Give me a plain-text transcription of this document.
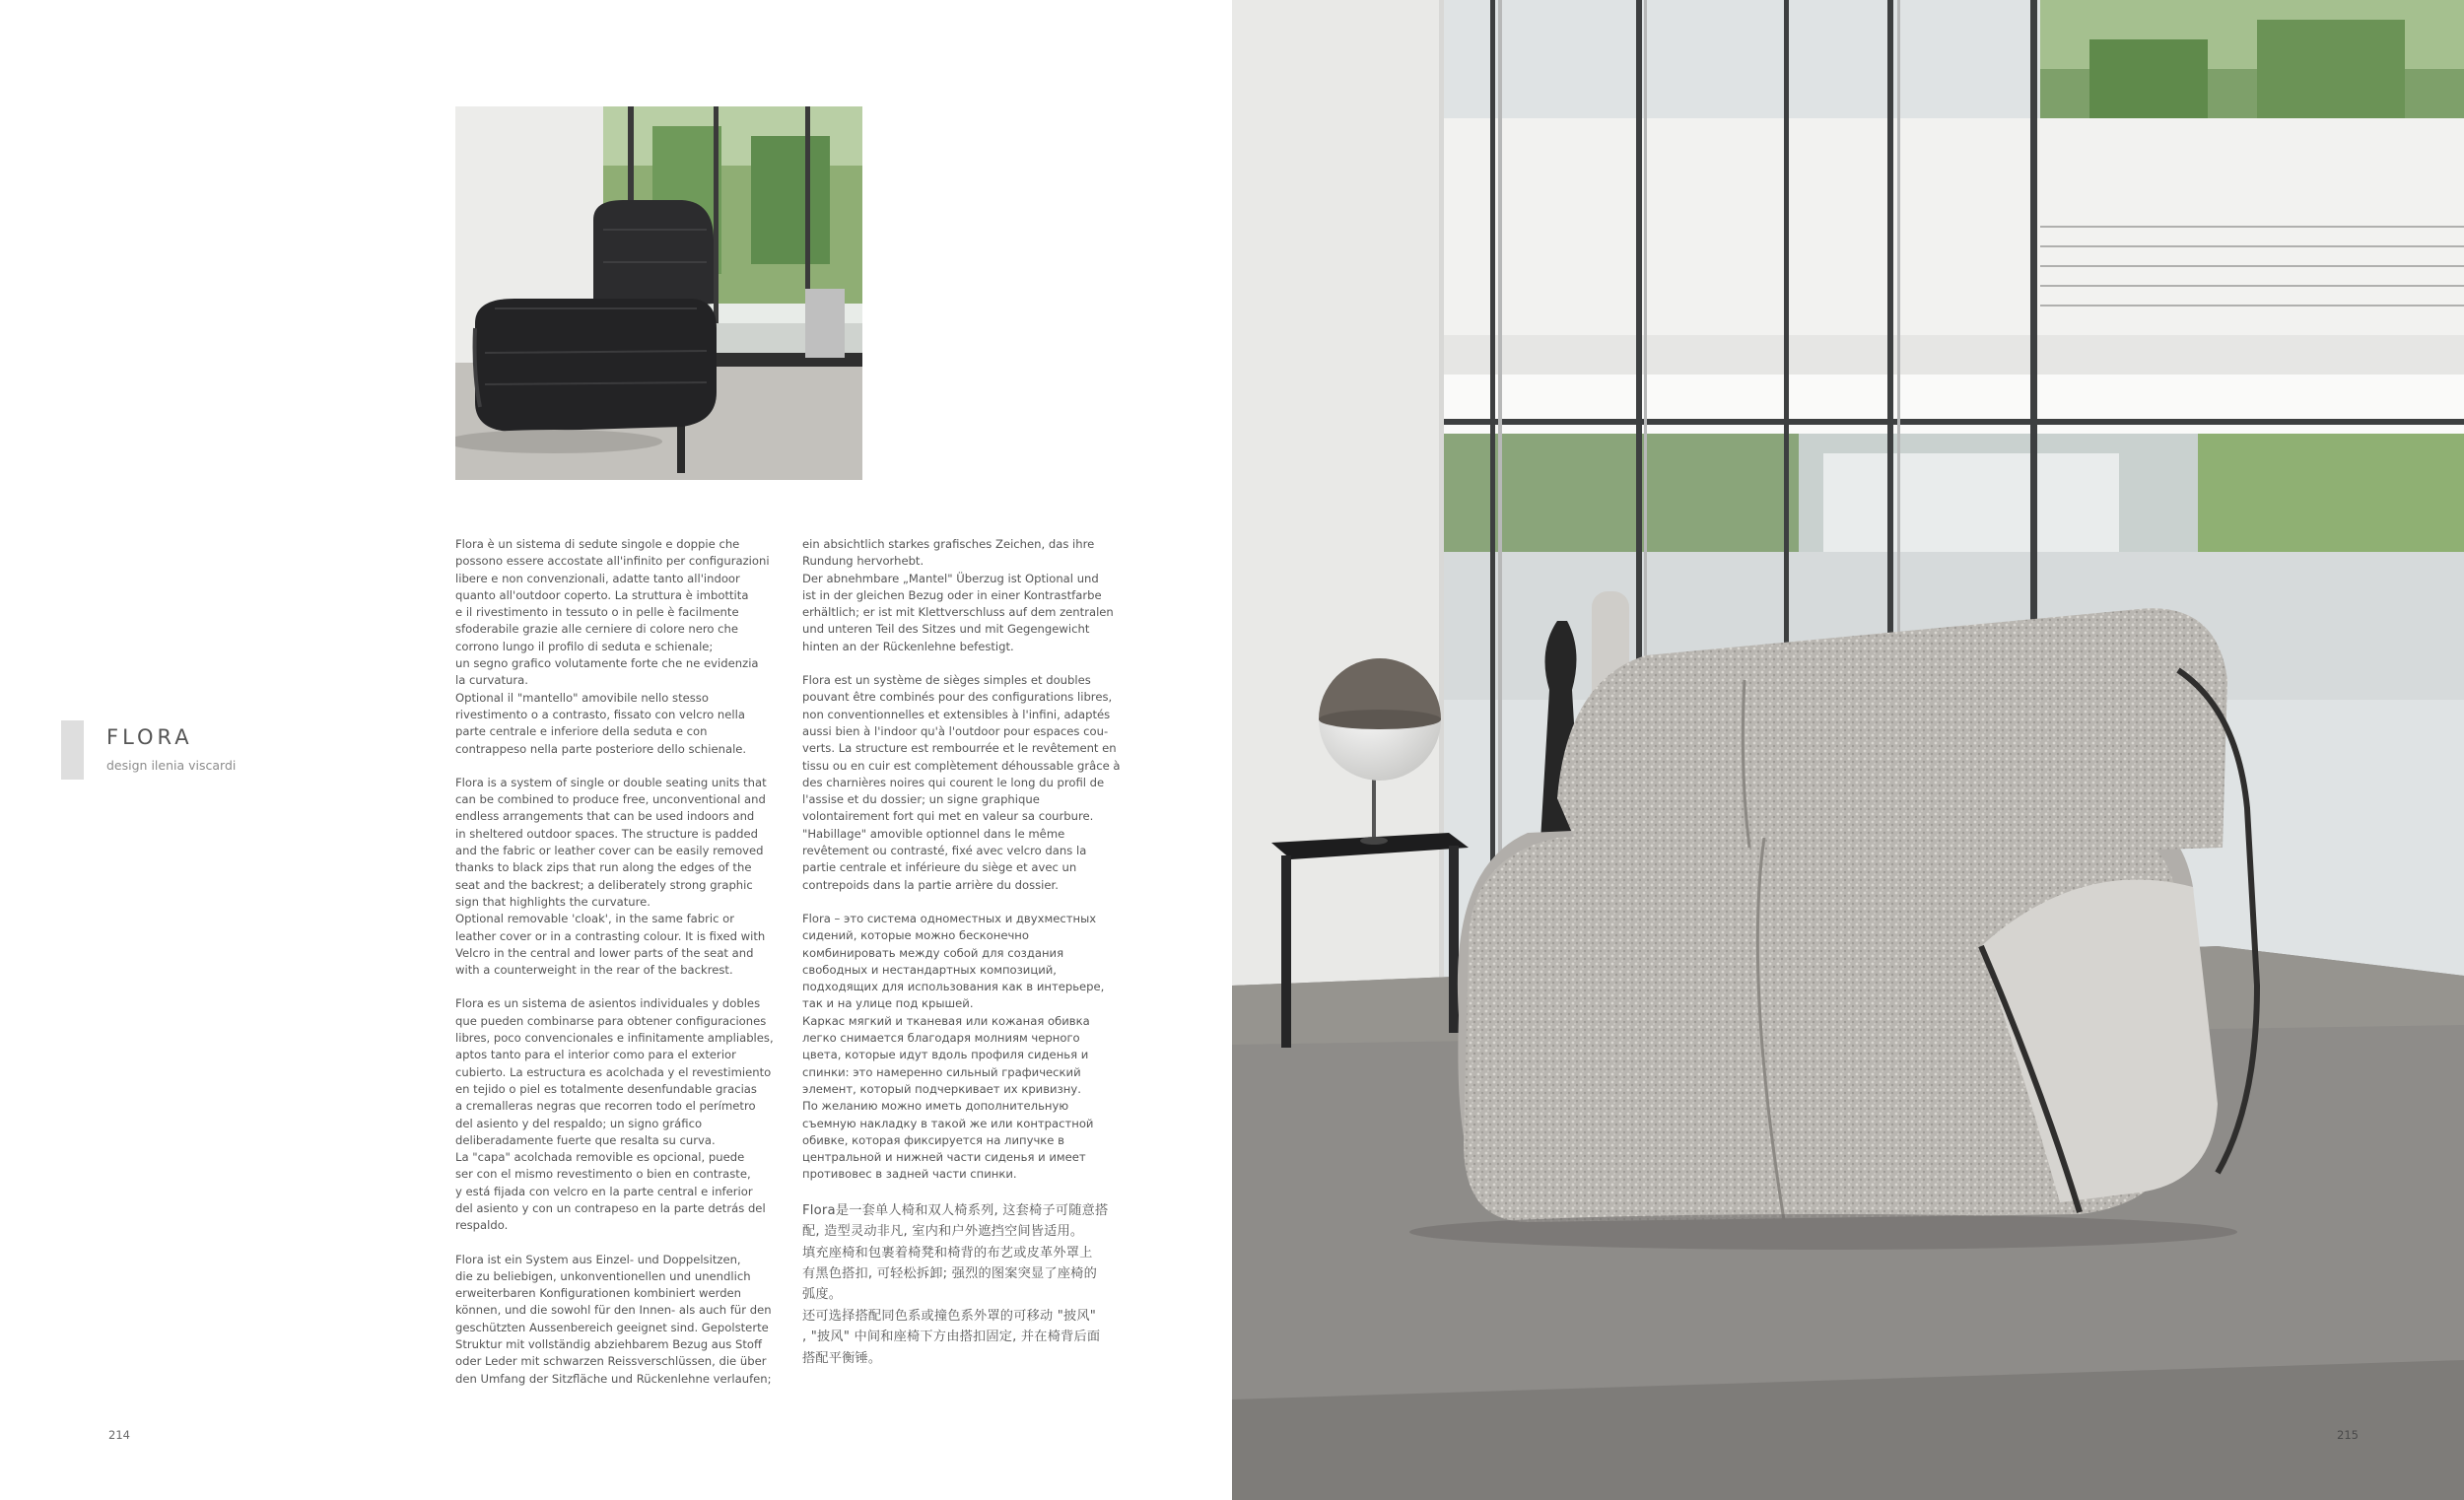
FLORA
design ilenia viscardi

Flora è un sistema di sedute singole e doppie che
possono essere accostate all'infinito per configurazioni
libere e non convenzionali, adatte tanto all'indoor
quanto all'outdoor coperto. La struttura è imbottita
e il rivestimento in tessuto o in pelle è facilmente
sfoderabile grazie alle cerniere di colore nero che
corrono lungo il profilo di seduta e schienale;
un segno grafico volutamente forte che ne evidenzia
la curvatura.
Optional il "mantello" amovibile nello stesso
rivestimento o a contrasto, fissato con velcro nella
parte centrale e inferiore della seduta e con
contrappeso nella parte posteriore dello schienale.

Flora is a system of single or double seating units that
can be combined to produce free, unconventional and
endless arrangements that can be used indoors and
in sheltered outdoor spaces. The structure is padded
and the fabric or leather cover can be easily removed
thanks to black zips that run along the edges of the
seat and the backrest; a deliberately strong graphic
sign that highlights the curvature.
Optional removable 'cloak', in the same fabric or
leather cover or in a contrasting colour. It is fixed with
Velcro in the central and lower parts of the seat and
with a counterweight in the rear of the backrest.

Flora es un sistema de asientos individuales y dobles
que pueden combinarse para obtener configuraciones
libres, poco convencionales e infinitamente ampliables,
aptos tanto para el interior como para el exterior
cubierto. La estructura es acolchada y el revestimiento
en tejido o piel es totalmente desenfundable gracias
a cremalleras negras que recorren todo el perímetro
del asiento y del respaldo; un signo gráfico
deliberadamente fuerte que resalta su curva.
La "capa" acolchada removible es opcional, puede
ser con el mismo revestimento o bien en contraste,
y está fijada con velcro en la parte central e inferior
del asiento y con un contrapeso en la parte detrás del
respaldo.

Flora ist ein System aus Einzel- und Doppelsitzen,
die zu beliebigen, unkonventionellen und unendlich
erweiterbaren Konfigurationen kombiniert werden
können, und die sowohl für den Innen- als auch für den
geschützten Aussenbereich geeignet sind. Gepolsterte
Struktur mit vollständig abziehbarem Bezug aus Stoff
oder Leder mit schwarzen Reissverschlüssen, die über
den Umfang der Sitzfläche und Rückenlehne verlaufen;

ein absichtlich starkes grafisches Zeichen, das ihre
Rundung hervorhebt.
Der abnehmbare „Mantel" Überzug ist Optional und
ist in der gleichen Bezug oder in einer Kontrastfarbe
erhältlich; er ist mit Klettverschluss auf dem zentralen
und unteren Teil des Sitzes und mit Gegengewicht
hinten an der Rückenlehne befestigt.

Flora est un système de sièges simples et doubles
pouvant être combinés pour des configurations libres,
non conventionnelles et extensibles à l'infini, adaptés
aussi bien à l'indoor qu'à l'outdoor pour espaces cou-
verts. La structure est rembourrée et le revêtement en
tissu ou en cuir est complètement déhoussable grâce à
des charnières noires qui courent le long du profil de
l'assise et du dossier; un signe graphique
volontairement fort qui met en valeur sa courbure.
"Habillage" amovible optionnel dans le même
revêtement ou contrasté, fixé avec velcro dans la
partie centrale et inférieure du siège et avec un
contrepoids dans la partie arrière du dossier.

Flora – это система одноместных и двухместных
сидений, которые можно бесконечно
комбинировать между собой для создания
свободных и нестандартных композиций,
подходящих для использования как в интерьере,
так и на улице под крышей.
Каркас мягкий и тканевая или кожаная обивка
легко снимается благодаря молниям черного
цвета, которые идут вдоль профиля сиденья и
спинки: это намеренно сильный графический
элемент, который подчеркивает их кривизну.
По желанию можно иметь дополнительную
съемную накладку в такой же или контрастной
обивке, которая фиксируется на липучке в
центральной и нижней части сиденья и имеет
противовес в задней части спинки.

Flora是一套单人椅和双人椅系列, 这套椅子可随意搭
配, 造型灵动非凡, 室内和户外遮挡空间皆适用。
填充座椅和包裹着椅凳和椅背的布艺或皮革外罩上
有黑色搭扣, 可轻松拆卸; 强烈的图案突显了座椅的
弧度。
还可选择搭配同色系或撞色系外罩的可移动 "披风"
, "披风" 中间和座椅下方由搭扣固定, 并在椅背后面
搭配平衡锤。

214	215
